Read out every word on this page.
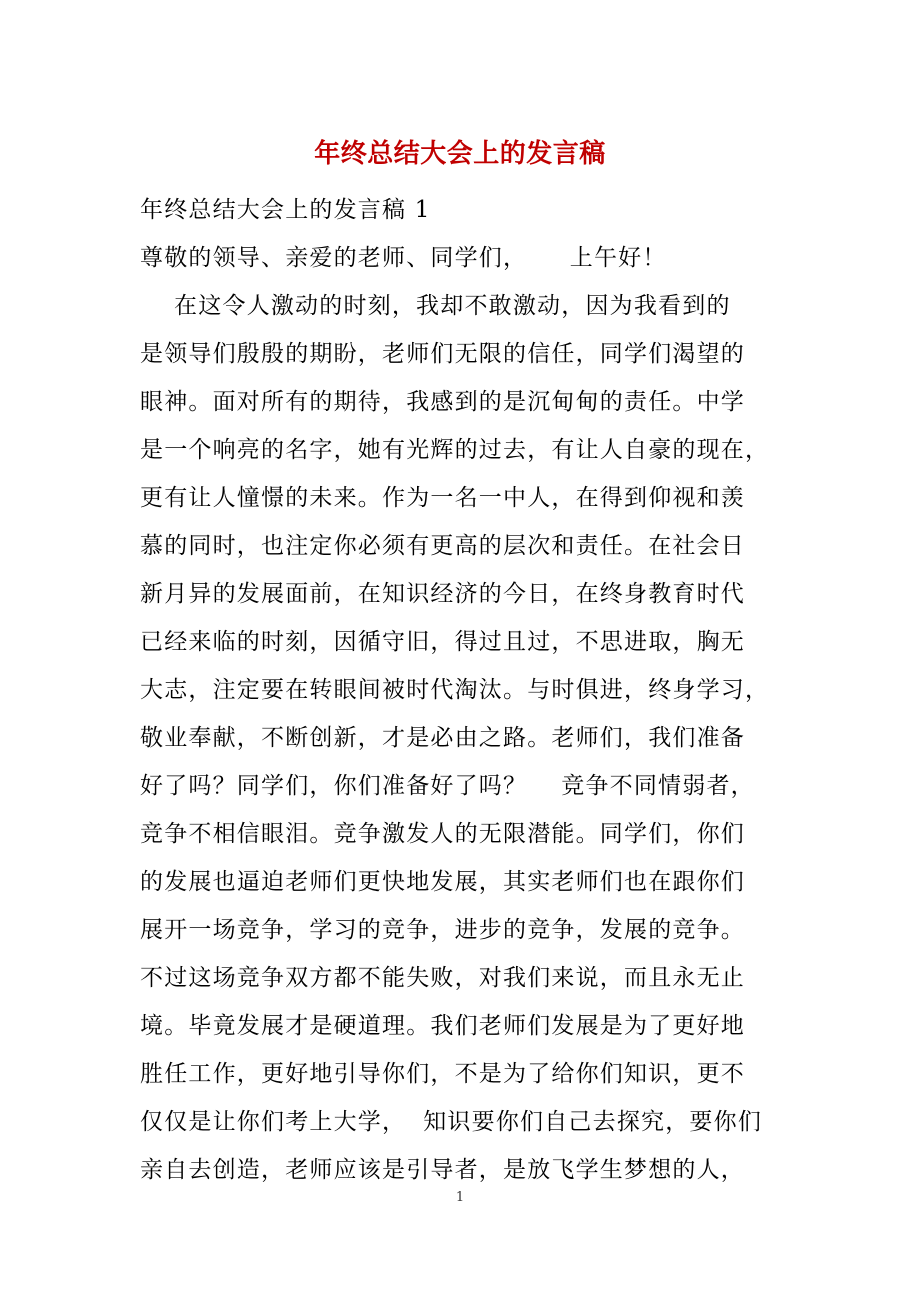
年终总结大会上的发言稿
年终总结大会上的发言稿 1
尊敬的领导、亲爱的老师、同学们，     上午好！
在这令人激动的时刻，我却不敢激动，因为我看到的
是领导们殷殷的期盼，老师们无限的信任，同学们渴望的
眼神。面对所有的期待，我感到的是沉甸甸的责任。中学
是一个响亮的名字，她有光辉的过去，有让人自豪的现在，
更有让人憧憬的未来。作为一名一中人，在得到仰视和羡
慕的同时，也注定你必须有更高的层次和责任。在社会日
新月异的发展面前，在知识经济的今日，在终身教育时代
已经来临的时刻，因循守旧，得过且过，不思进取，胸无
大志，注定要在转眼间被时代淘汰。与时俱进，终身学习，
敬业奉献，不断创新，才是必由之路。老师们，我们准备
好了吗？同学们，你们准备好了吗？    竞争不同情弱者，
竞争不相信眼泪。竞争激发人的无限潜能。同学们，你们
的发展也逼迫老师们更快地发展，其实老师们也在跟你们
展开一场竞争，学习的竞争，进步的竞争，发展的竞争。
不过这场竞争双方都不能失败，对我们来说，而且永无止
境。毕竟发展才是硬道理。我们老师们发展是为了更好地
胜任工作，更好地引导你们，不是为了给你们知识，更不
仅仅是让你们考上大学，  知识要你们自己去探究，要你们
亲自去创造，老师应该是引导者，是放飞学生梦想的人，
1
